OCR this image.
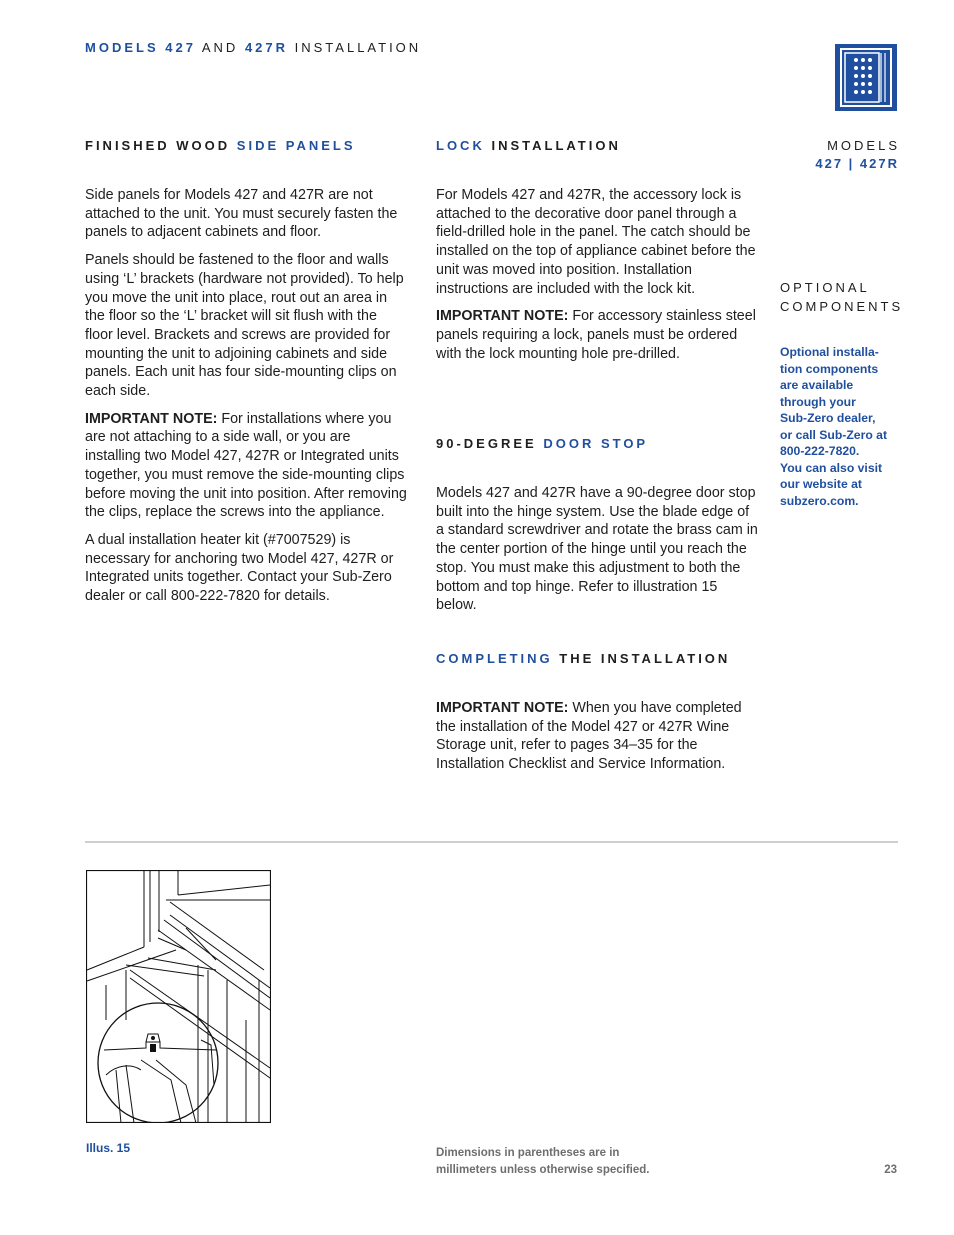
MODELS 427 AND 427R INSTALLATION
FINISHED WOOD SIDE PANELS

Side panels for Models 427 and 427R are not attached to the unit. You must securely fasten the panels to adjacent cabinets and floor.

Panels should be fastened to the floor and walls using ‘L’ brackets (hardware not provided). To help you move the unit into place, rout out an area in the floor so the ‘L’ bracket will sit flush with the floor level. Brackets and screws are provided for mounting the unit to adjoining cabinets and side panels. Each unit has four side-mounting clips on each side.

IMPORTANT NOTE: For installations where you are not attaching to a side wall, or you are installing two Model 427, 427R or Integrated units together, you must remove the side-mounting clips before moving the unit into position. After removing the clips, replace the screws into the appliance.

A dual installation heater kit (#7007529) is necessary for anchoring two Model 427, 427R or Integrated units together. Contact your Sub-Zero dealer or call 800-222-7820 for details.

LOCK INSTALLATION

For Models 427 and 427R, the accessory lock is attached to the decorative door panel through a field-drilled hole in the panel. The catch should be installed on the top of appliance cabinet before the unit was moved into position. Installation instructions are included with the lock kit.

IMPORTANT NOTE: For accessory stainless steel panels requiring a lock, panels must be ordered with the lock mounting hole pre-drilled.

90-DEGREE DOOR STOP

Models 427 and 427R have a 90-degree door stop built into the hinge system. Use the blade edge of a standard screwdriver and rotate the brass cam in the center portion of the hinge until you reach the stop. You must make this adjustment to both the bottom and top hinge. Refer to illustration 15 below.

COMPLETING THE INSTALLATION

IMPORTANT NOTE: When you have completed the installation of the Model 427 or 427R Wine Storage unit, refer to pages 34–35 for the Installation Checklist and Service Information.

MODELS
427 | 427R
OPTIONAL
COMPONENTS
Optional installa-
tion components
are available
through your
Sub-Zero dealer,
or call Sub-Zero at
800-222-7820.
You can also visit
our website at
subzero.com.
Illus. 15	Dimensions in parentheses are in
millimeters unless otherwise specified.	23
